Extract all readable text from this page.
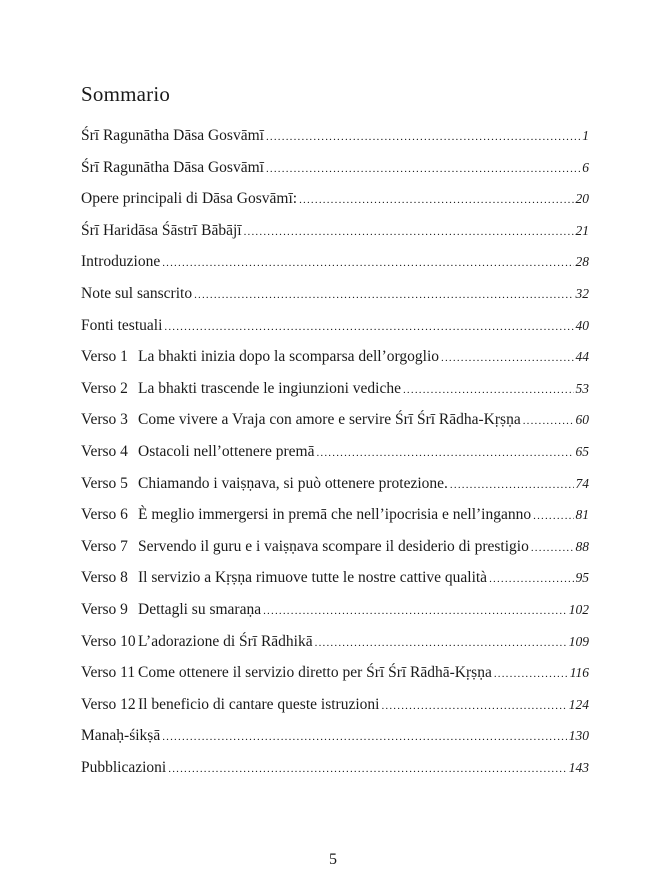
Sommario
Śrī Ragunātha Dāsa Gosvāmī .....	1
Śrī Ragunātha Dāsa Gosvāmī .....	6
Opere principali di Dāsa Gosvāmī: .....	20
Śrī Haridāsa Śāstrī Bābājī .....	21
Introduzione .....	28
Note sul sanscrito .....	32
Fonti testuali .....	40
Verso 1 La bhakti inizia dopo la scomparsa dell’orgoglio .....	44
Verso 2 La bhakti trascende le ingiunzioni vediche .....	53
Verso 3 Come vivere a Vraja con amore e servire Śrī Śrī Rādha-Kṛṣṇa .....	60
Verso 4 Ostacoli nell’ottenere premā .....	65
Verso 5 Chiamando i vaiṣṇava, si può ottenere protezione. .....	74
Verso 6 È meglio immergersi in premā che nell’ipocrisia e nell’inganno .....	81
Verso 7 Servendo il guru e i vaiṣṇava scompare il desiderio di prestigio .....	88
Verso 8 Il servizio a Kṛṣṇa rimuove tutte le nostre cattive qualità .....	95
Verso 9 Dettagli su smaraṇa .....	102
Verso 10 L’adorazione di Śrī Rādhikā .....	109
Verso 11 Come ottenere il servizio diretto per Śrī Śrī Rādhā-Kṛṣṇa .....	116
Verso 12 Il beneficio di cantare queste istruzioni .....	124
Manaḥ-śikṣā .....	130
Pubblicazioni .....	143
5
